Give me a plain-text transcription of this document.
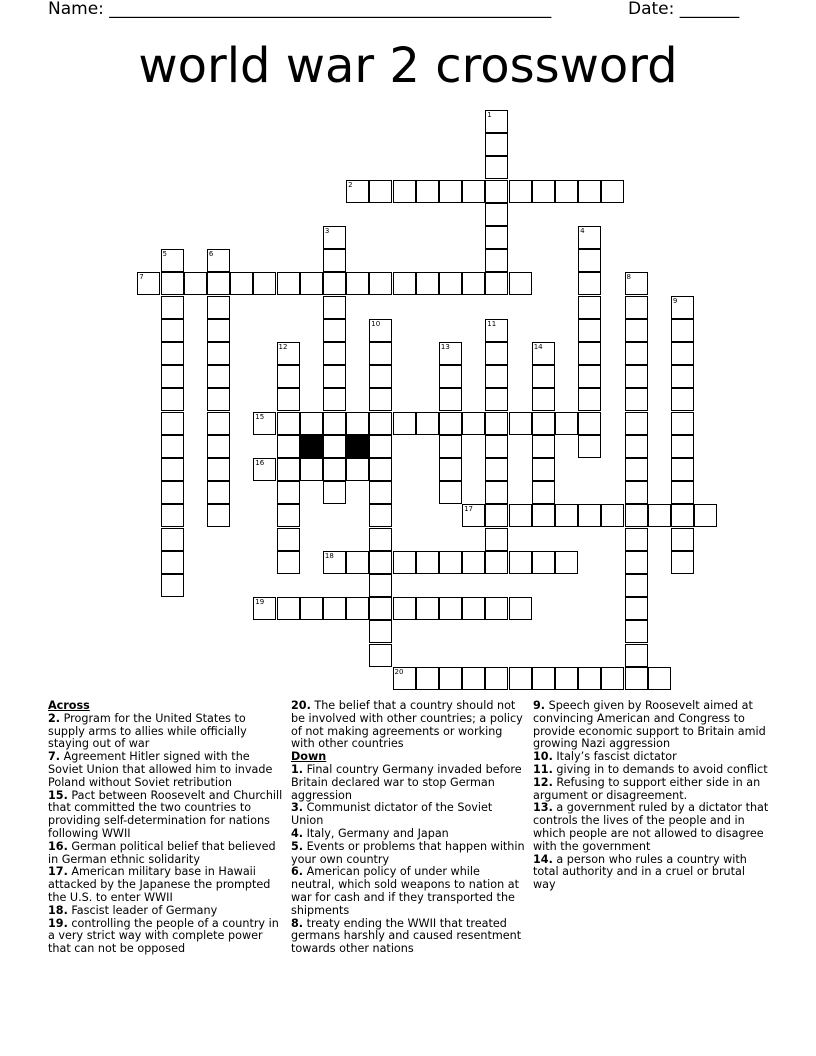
Name: ____________________________________________________	Date: _______
world war 2 crossword
2
7
15
16
17
18
19
20
1
3	4
5	6
8
9
10	11
12	13	14

Across

2. Program for the United States to supply arms to allies while officially staying out of war

7. Agreement Hitler signed with the Soviet Union that allowed him to invade Poland without Soviet retribution

15. Pact between Roosevelt and Churchill that committed the two countries to providing self-determination for nations following WWII

16. German political belief that believed in German ethnic solidarity

17. American military base in Hawaii attacked by the Japanese the prompted the U.S. to enter WWII

18. Fascist leader of Germany

19. controlling the people of a country in a very strict way with complete power that can not be opposed

20. The belief that a country should not be involved with other countries; a policy of not making agreements or working with other countries

Down

1. Final country Germany invaded before Britain declared war to stop German aggression

3. Communist dictator of the Soviet Union

4. Italy, Germany and Japan

5. Events or problems that happen within your own country

6. American policy of under while neutral, which sold weapons to nation at war for cash and if they transported the shipments

8. treaty ending the WWII that treated germans harshly and caused resentment towards other nations

9. Speech given by Roosevelt aimed at convincing American and Congress to provide economic support to Britain amid growing Nazi aggression

10. Italy’s fascist dictator

11. giving in to demands to avoid conflict

12. Refusing to support either side in an argument or disagreement.

13. a government ruled by a dictator that controls the lives of the people and in which people are not allowed to disagree with the government

14. a person who rules a country with total authority and in a cruel or brutal way
